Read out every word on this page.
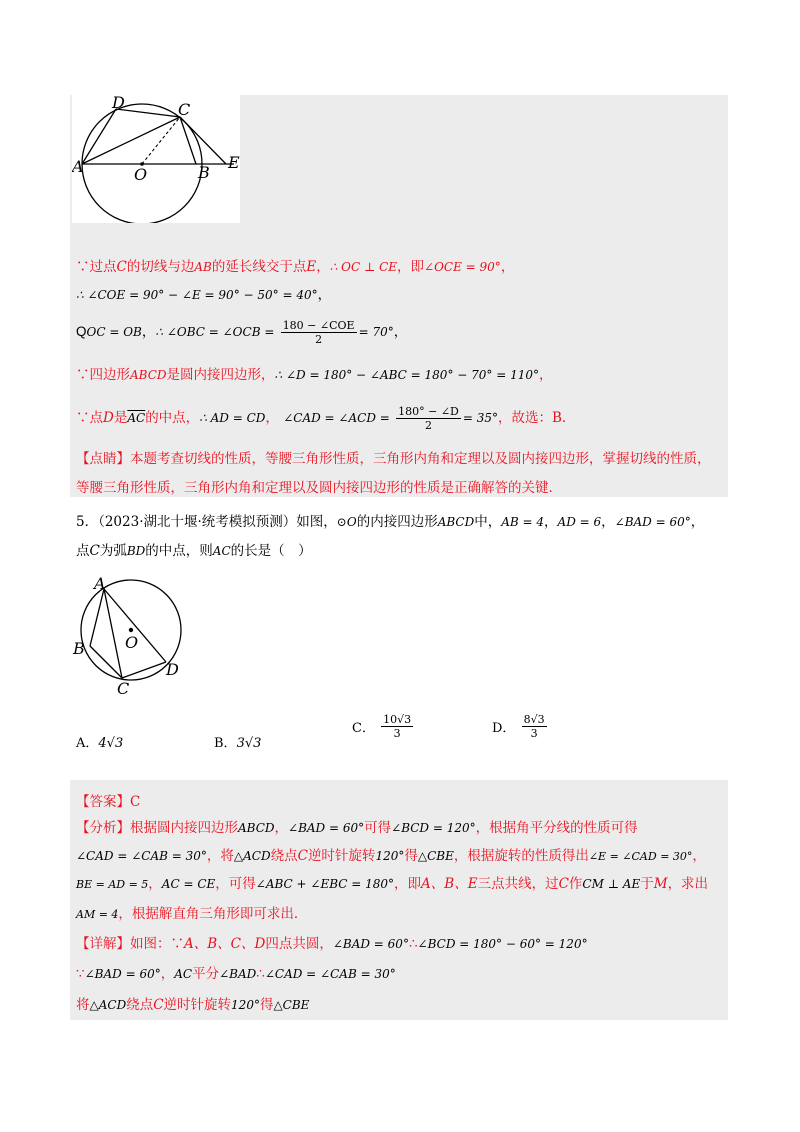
D	C
A	O	B
E
∵过点C的切线与边AB的延长线交于点E，∴ OC ⊥ CE，即∠OCE = 90°，
∴ ∠COE = 90° − ∠E = 90° − 50° = 40°，
QOC = OB，∴ ∠OBC = ∠OCB = $\frac{\text{180 − ∠COE}}{2} = 70^\circ$，
∵四边形ABCD是圆内接四边形，∴ ∠D = 180° − ∠ABC = 180° − 70° = 110°，
∵点D是$\overline{AC}$的中点，∴ AD = CD， ∠CAD = ∠ACD = $\frac{180^\circ - \angle D}{2} = 35^\circ$，故选：B．
【点睛】本题考查切线的性质，等腰三角形性质，三角形内角和定理以及圆内接四边形，掌握切线的性质，
等腰三角形性质，三角形内角和定理以及圆内接四边形的性质是正确解答的关键．
5．（2023·湖北十堰·统考模拟预测）如图，⊙O的内接四边形ABCD中，AB = 4，AD = 6，∠BAD = 60°，
点C为弧BD的中点，则AC的长是（　）
A
B	O
C
D
A．4√3	B．3√3
C． $\frac{10√3}{3}$	D． $\frac{8√3}{3}$
【答案】C
【分析】根据圆内接四边形ABCD，∠BAD = 60°可得∠BCD = 120°，根据角平分线的性质可得
∠CAD = ∠CAB = 30°，将△ACD绕点C逆时针旋转120°得△CBE，根据旋转的性质得出∠E = ∠CAD = 30°，
BE = AD = 5，AC = CE，可得∠ABC + ∠EBC = 180°，即A、B、E三点共线，过C作CM ⊥ AE于M，求出
AM = 4，根据解直角三角形即可求出．
【详解】如图：∵A、B、C、D四点共圆，∠BAD = 60°∴∠BCD = 180° − 60° = 120°
∵∠BAD = 60°，AC平分∠BAD∴∠CAD = ∠CAB = 30°
将△ACD绕点C逆时针旋转120°得△CBE
